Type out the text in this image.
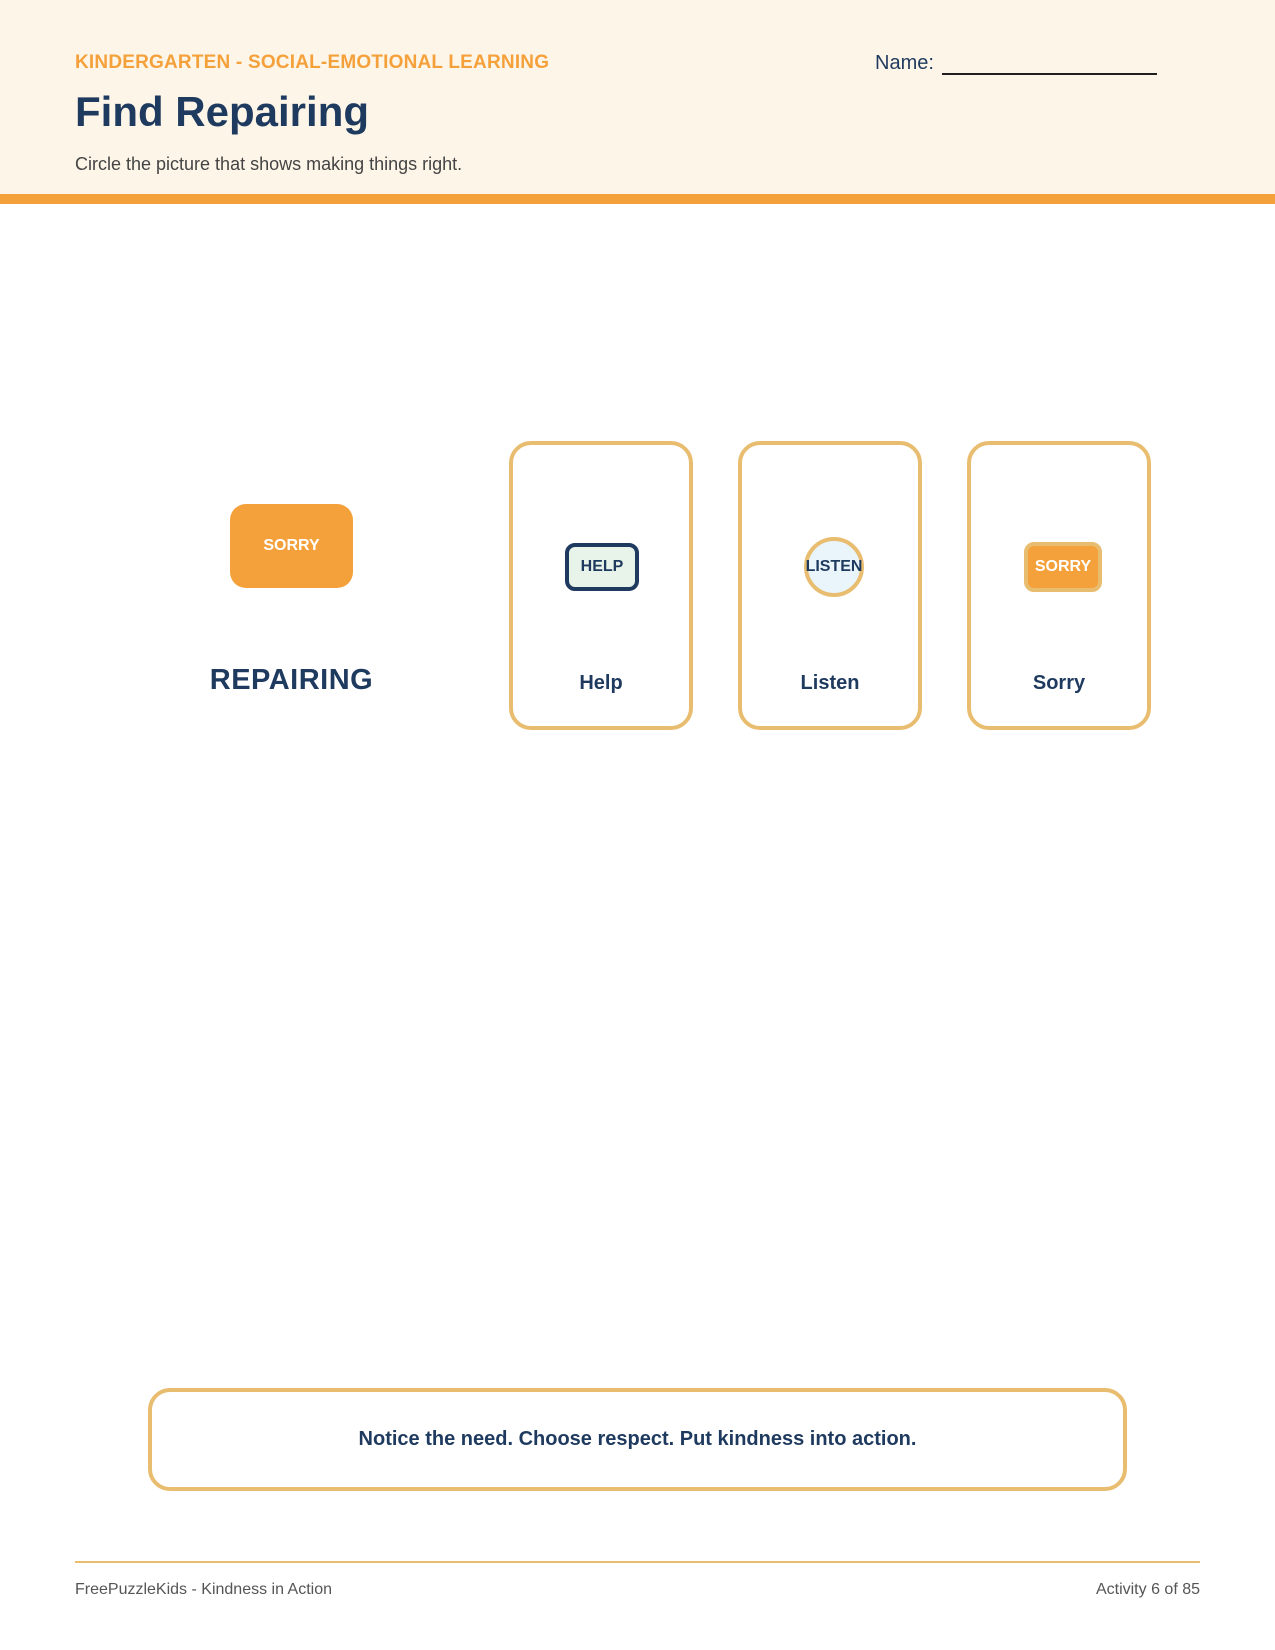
KINDERGARTEN - SOCIAL-EMOTIONAL LEARNING
Find Repairing
Circle the picture that shows making things right.
Name:
SORRY
REPAIRING
HELP
Help
LISTEN
Listen
SORRY
Sorry
Notice the need. Choose respect. Put kindness into action.
FreePuzzleKids - Kindness in Action	Activity 6 of 85
